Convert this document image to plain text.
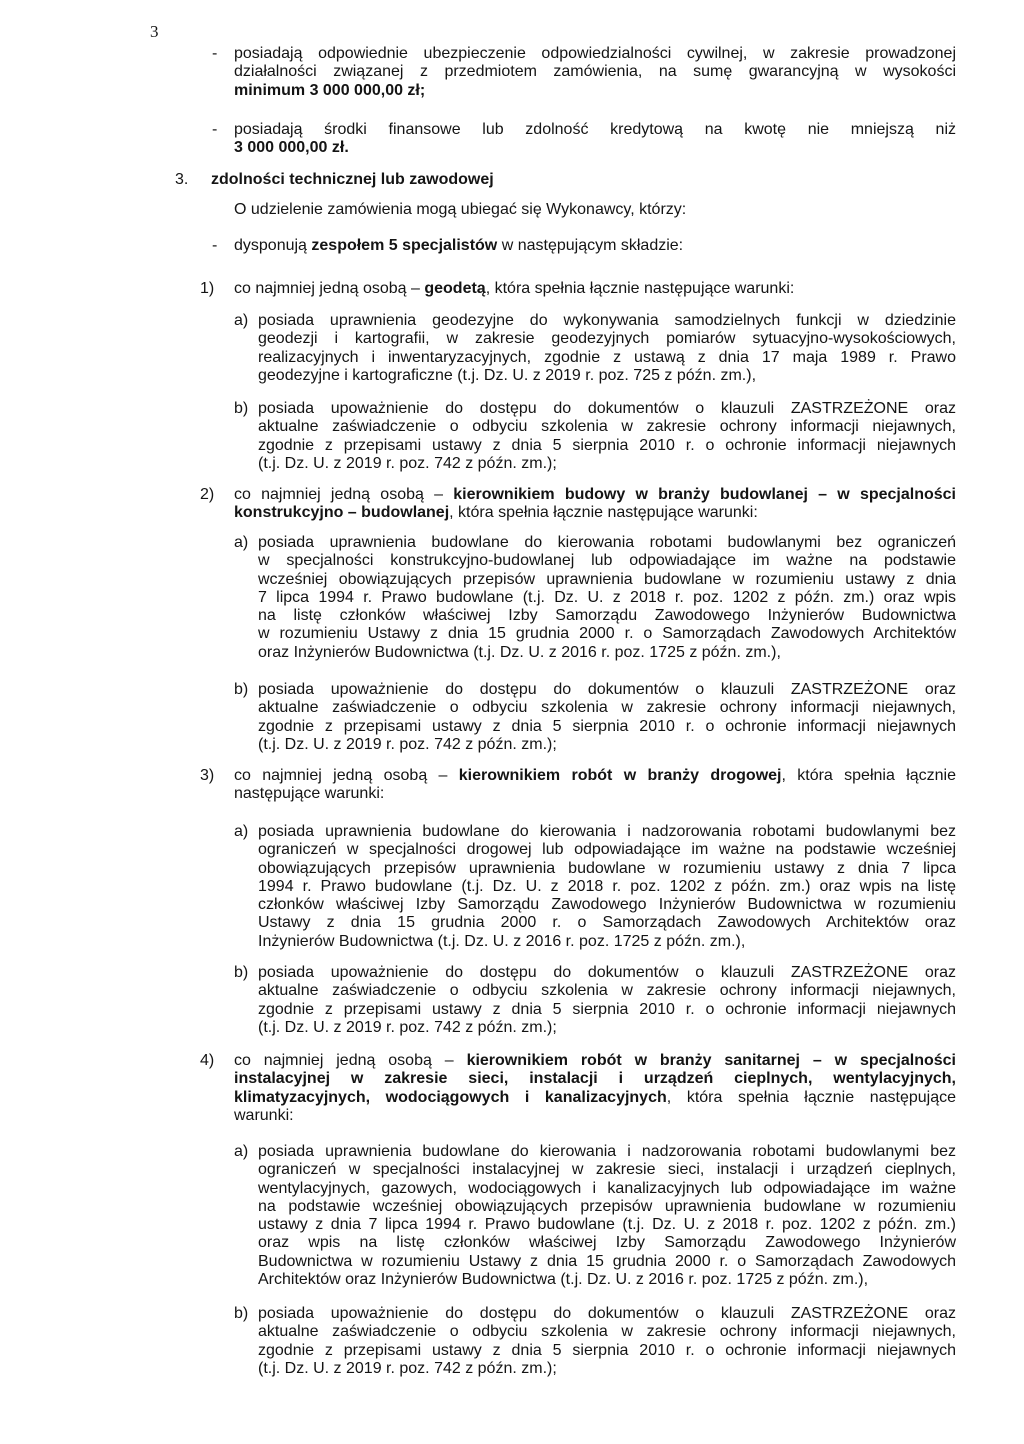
3
- posiadają odpowiednie ubezpieczenie odpowiedzialności cywilnej, w zakresie prowadzonej
działalności związanej z przedmiotem zamówienia, na sumę gwarancyjną w wysokości
minimum 3 000 000,00 zł;
- posiadają środki finansowe lub zdolność kredytową na kwotę nie mniejszą niż
3 000 000,00 zł.
3. zdolności technicznej lub zawodowej
O udzielenie zamówienia mogą ubiegać się Wykonawcy, którzy:
- dysponują zespołem 5 specjalistów w następującym składzie:
1) co najmniej jedną osobą – geodetą, która spełnia łącznie następujące warunki:
a) posiada uprawnienia geodezyjne do wykonywania samodzielnych funkcji w dziedzinie
geodezji i kartografii, w zakresie geodezyjnych pomiarów sytuacyjno-wysokościowych,
realizacyjnych i inwentaryzacyjnych, zgodnie z ustawą z dnia 17 maja 1989 r. Prawo
geodezyjne i kartograficzne (t.j. Dz. U. z 2019 r. poz. 725 z późn. zm.),
b) posiada upoważnienie do dostępu do dokumentów o klauzuli ZASTRZEŻONE oraz
aktualne zaświadczenie o odbyciu szkolenia w zakresie ochrony informacji niejawnych,
zgodnie z przepisami ustawy z dnia 5 sierpnia 2010 r. o ochronie informacji niejawnych
(t.j. Dz. U. z 2019 r. poz. 742 z późn. zm.);
2) co najmniej jedną osobą – kierownikiem budowy w branży budowlanej – w specjalności
konstrukcyjno – budowlanej, która spełnia łącznie następujące warunki:
a) posiada uprawnienia budowlane do kierowania robotami budowlanymi bez ograniczeń
w specjalności konstrukcyjno-budowlanej lub odpowiadające im ważne na podstawie
wcześniej obowiązujących przepisów uprawnienia budowlane w rozumieniu ustawy z dnia
7 lipca 1994 r. Prawo budowlane (t.j. Dz. U. z 2018 r. poz. 1202 z późn. zm.) oraz wpis
na listę członków właściwej Izby Samorządu Zawodowego Inżynierów Budownictwa
w rozumieniu Ustawy z dnia 15 grudnia 2000 r. o Samorządach Zawodowych Architektów
oraz Inżynierów Budownictwa (t.j. Dz. U. z 2016 r. poz. 1725 z późn. zm.),
b) posiada upoważnienie do dostępu do dokumentów o klauzuli ZASTRZEŻONE oraz
aktualne zaświadczenie o odbyciu szkolenia w zakresie ochrony informacji niejawnych,
zgodnie z przepisami ustawy z dnia 5 sierpnia 2010 r. o ochronie informacji niejawnych
(t.j. Dz. U. z 2019 r. poz. 742 z późn. zm.);
3) co najmniej jedną osobą – kierownikiem robót w branży drogowej, która spełnia łącznie
następujące warunki:
a) posiada uprawnienia budowlane do kierowania i nadzorowania robotami budowlanymi bez
ograniczeń w specjalności drogowej lub odpowiadające im ważne na podstawie wcześniej
obowiązujących przepisów uprawnienia budowlane w rozumieniu ustawy z dnia 7 lipca
1994 r. Prawo budowlane (t.j. Dz. U. z 2018 r. poz. 1202 z późn. zm.) oraz wpis na listę
członków właściwej Izby Samorządu Zawodowego Inżynierów Budownictwa w rozumieniu
Ustawy z dnia 15 grudnia 2000 r. o Samorządach Zawodowych Architektów oraz
Inżynierów Budownictwa (t.j. Dz. U. z 2016 r. poz. 1725 z późn. zm.),
b) posiada upoważnienie do dostępu do dokumentów o klauzuli ZASTRZEŻONE oraz
aktualne zaświadczenie o odbyciu szkolenia w zakresie ochrony informacji niejawnych,
zgodnie z przepisami ustawy z dnia 5 sierpnia 2010 r. o ochronie informacji niejawnych
(t.j. Dz. U. z 2019 r. poz. 742 z późn. zm.);
4) co najmniej jedną osobą – kierownikiem robót w branży sanitarnej – w specjalności
instalacyjnej w zakresie sieci, instalacji i urządzeń cieplnych, wentylacyjnych,
klimatyzacyjnych, wodociągowych i kanalizacyjnych, która spełnia łącznie następujące
warunki:
a) posiada uprawnienia budowlane do kierowania i nadzorowania robotami budowlanymi bez
ograniczeń w specjalności instalacyjnej w zakresie sieci, instalacji i urządzeń cieplnych,
wentylacyjnych, gazowych, wodociągowych i kanalizacyjnych lub odpowiadające im ważne
na podstawie wcześniej obowiązujących przepisów uprawnienia budowlane w rozumieniu
ustawy z dnia 7 lipca 1994 r. Prawo budowlane (t.j. Dz. U. z 2018 r. poz. 1202 z późn. zm.)
oraz wpis na listę członków właściwej Izby Samorządu Zawodowego Inżynierów
Budownictwa w rozumieniu Ustawy z dnia 15 grudnia 2000 r. o Samorządach Zawodowych
Architektów oraz Inżynierów Budownictwa (t.j. Dz. U. z 2016 r. poz. 1725 z późn. zm.),
b) posiada upoważnienie do dostępu do dokumentów o klauzuli ZASTRZEŻONE oraz
aktualne zaświadczenie o odbyciu szkolenia w zakresie ochrony informacji niejawnych,
zgodnie z przepisami ustawy z dnia 5 sierpnia 2010 r. o ochronie informacji niejawnych
(t.j. Dz. U. z 2019 r. poz. 742 z późn. zm.);
